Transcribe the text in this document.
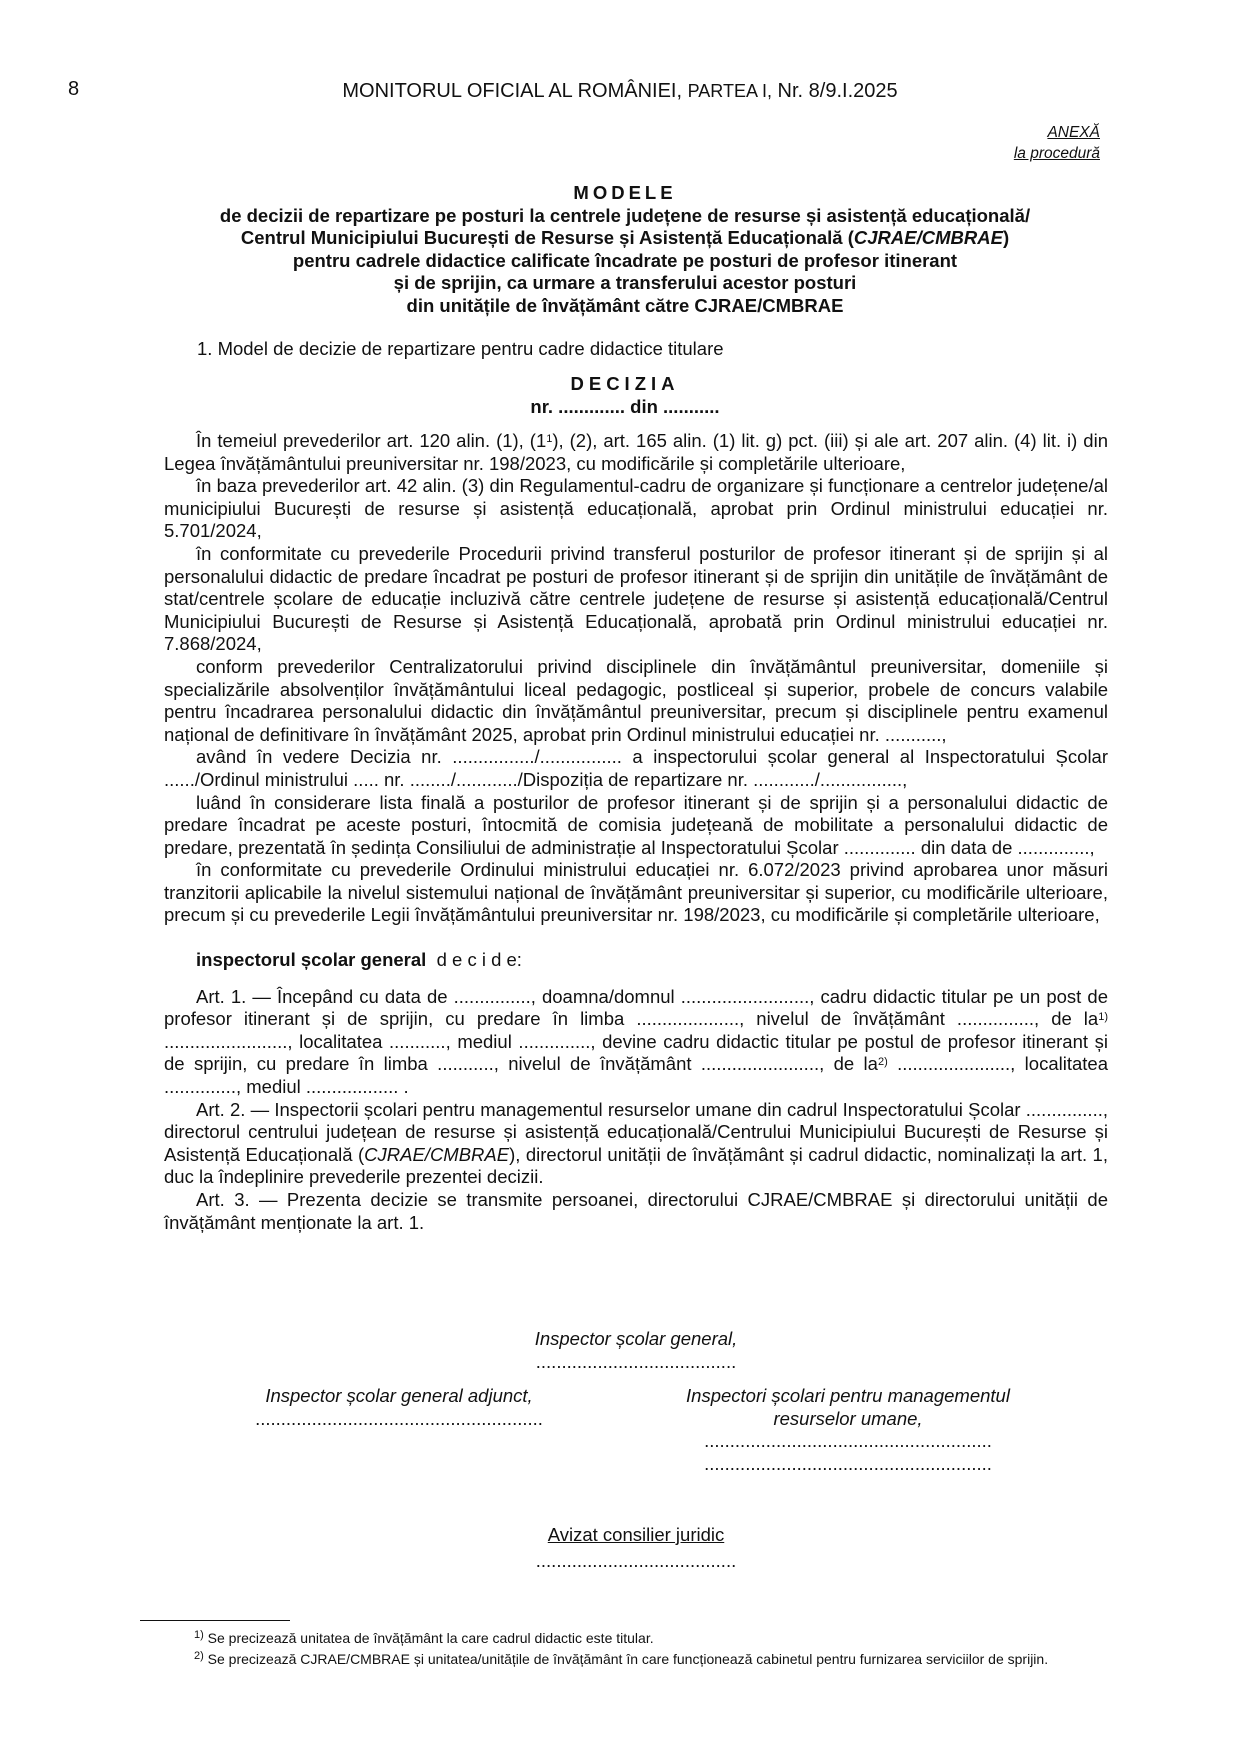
8	MONITORUL OFICIAL AL ROMÂNIEI, PARTEA I, Nr. 8/9.I.2025
ANEXĂ
la procedură
MODELE
de decizii de repartizare pe posturi la centrele județene de resurse și asistență educațională/
Centrul Municipiului București de Resurse și Asistență Educațională (CJRAE/CMBRAE)
pentru cadrele didactice calificate încadrate pe posturi de profesor itinerant
și de sprijin, ca urmare a transferului acestor posturi
din unitățile de învățământ către CJRAE/CMBRAE
1. Model de decizie de repartizare pentru cadre didactice titulare
DECIZIA
nr. ............. din ...........

În temeiul prevederilor art. 120 alin. (1), $(1^1)$, (2), art. 165 alin. (1) lit. g) pct. (iii) și ale art. 207 alin. (4) lit. i) din Legea învățământului preuniversitar nr. 198/2023, cu modificările și completările ulterioare,

în baza prevederilor art. 42 alin. (3) din Regulamentul-cadru de organizare și funcționare a centrelor județene/al municipiului București de resurse și asistență educațională, aprobat prin Ordinul ministrului educației nr. 5.701/2024,

în conformitate cu prevederile Procedurii privind transferul posturilor de profesor itinerant și de sprijin și al personalului didactic de predare încadrat pe posturi de profesor itinerant și de sprijin din unitățile de învățământ de stat/centrele școlare de educație incluzivă către centrele județene de resurse și asistență educațională/Centrul Municipiului București de Resurse și Asistență Educațională, aprobată prin Ordinul ministrului educației nr. 7.868/2024,

conform prevederilor Centralizatorului privind disciplinele din învățământul preuniversitar, domeniile și specializările absolvenților învățământului liceal pedagogic, postliceal și superior, probele de concurs valabile pentru încadrarea personalului didactic din învățământul preuniversitar, precum și disciplinele pentru examenul național de definitivare în învățământ 2025, aprobat prin Ordinul ministrului educației nr. ...........,

având în vedere Decizia nr. ................/................ a inspectorului școlar general al Inspectoratului Școlar ....../Ordinul ministrului ..... nr. ......../............/Dispoziția de repartizare nr. ............/................,

luând în considerare lista finală a posturilor de profesor itinerant și de sprijin și a personalului didactic de predare încadrat pe aceste posturi, întocmită de comisia județeană de mobilitate a personalului didactic de predare, prezentată în ședința Consiliului de administrație al Inspectoratului Școlar .............. din data de ..............,

în conformitate cu prevederile Ordinului ministrului educației nr. 6.072/2023 privind aprobarea unor măsuri tranzitorii aplicabile la nivelul sistemului național de învățământ preuniversitar și superior, cu modificările ulterioare, precum și cu prevederile Legii învățământului preuniversitar nr. 198/2023, cu modificările și completările ulterioare,

inspectorul școlar general d e c i d e:

Art. 1. — Începând cu data de ..............., doamna/domnul ........................., cadru didactic titular pe un post de profesor itinerant și de sprijin, cu predare în limba ...................., nivelul de învățământ ..............., de $la^{1)}$ ........................, localitatea ..........., mediul .............., devine cadru didactic titular pe postul de profesor itinerant și de sprijin, cu predare în limba ..........., nivelul de învățământ ......................., de $la^{2)}$ ......................, localitatea .............., mediul .................. .

Art. 2. — Inspectorii școlari pentru managementul resurselor umane din cadrul Inspectoratului Școlar ..............., directorul centrului județean de resurse și asistență educațională/Centrului Municipiului București de Resurse și Asistență Educațională (CJRAE/CMBRAE), directorul unității de învățământ și cadrul didactic, nominalizați la art. 1, duc la îndeplinire prevederile prezentei decizii.

Art. 3. — Prezenta decizie se transmite persoanei, directorului CJRAE/CMBRAE și directorului unității de învățământ menționate la art. 1.

Inspector școlar general,
.......................................
Inspector școlar general adjunct,
........................................................
Inspectori școlari pentru managementul resurselor umane,
........................................................
........................................................
Avizat consilier juridic
.......................................

$^{1)}$ Se precizează unitatea de învățământ la care cadrul didactic este titular.

$^{2)}$ Se precizează CJRAE/CMBRAE și unitatea/unitățile de învățământ în care funcționează cabinetul pentru furnizarea serviciilor de sprijin.
